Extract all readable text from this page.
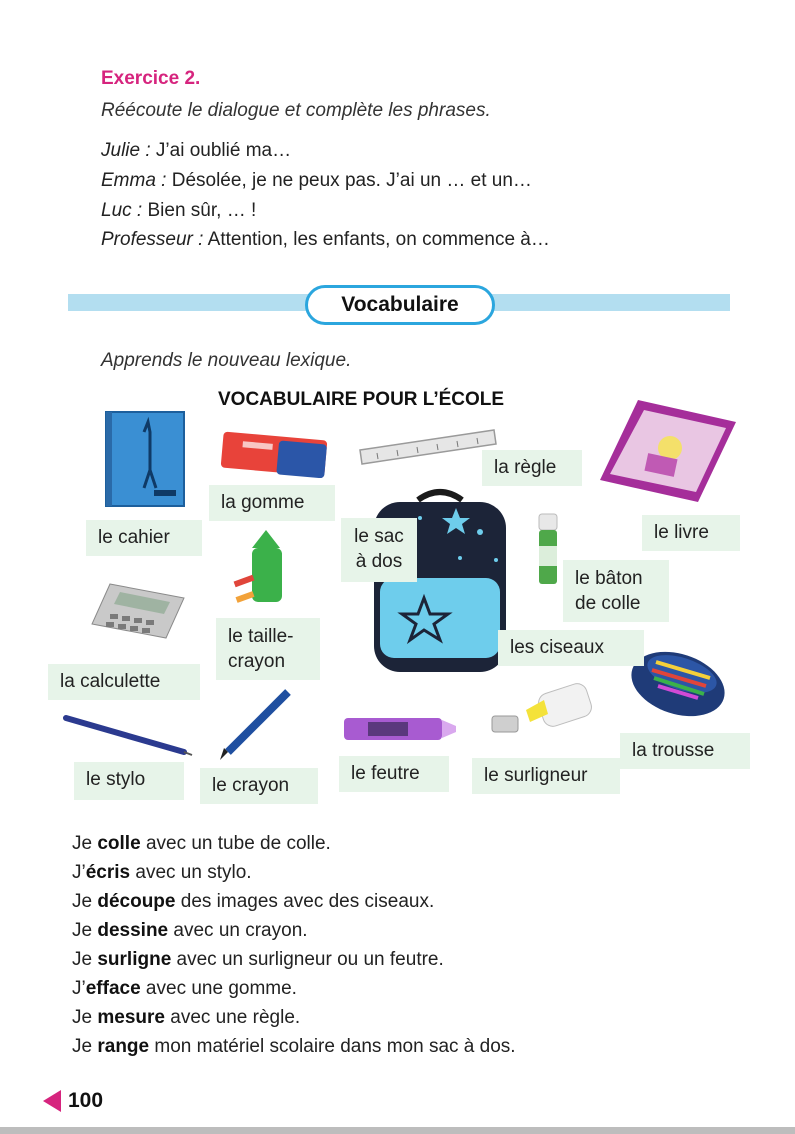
Exercice 2.
Réécoute le dialogue et complète les phrases.
Julie : J’ai oublié ma…
Emma : Désolée, je ne peux pas. J’ai un … et un…
Luc : Bien sûr, … !
Professeur : Attention, les enfants, on commence à…
Vocabulaire
Apprends le nouveau lexique.
VOCABULAIRE POUR L’ÉCOLE
le cahier
la gomme
le sac à dos
la règle
le livre
le bâton de colle
le taille-crayon
les ciseaux
la calculette
la trousse
le stylo	le crayon
le feutre	le surligneur
Je colle avec un tube de colle.
J’écris avec un stylo.
Je découpe des images avec des ciseaux.
Je dessine avec un crayon.
Je surligne avec un surligneur ou un feutre.
J’efface avec une gomme.
Je mesure avec une règle.
Je range mon matériel scolaire dans mon sac à dos.
100
